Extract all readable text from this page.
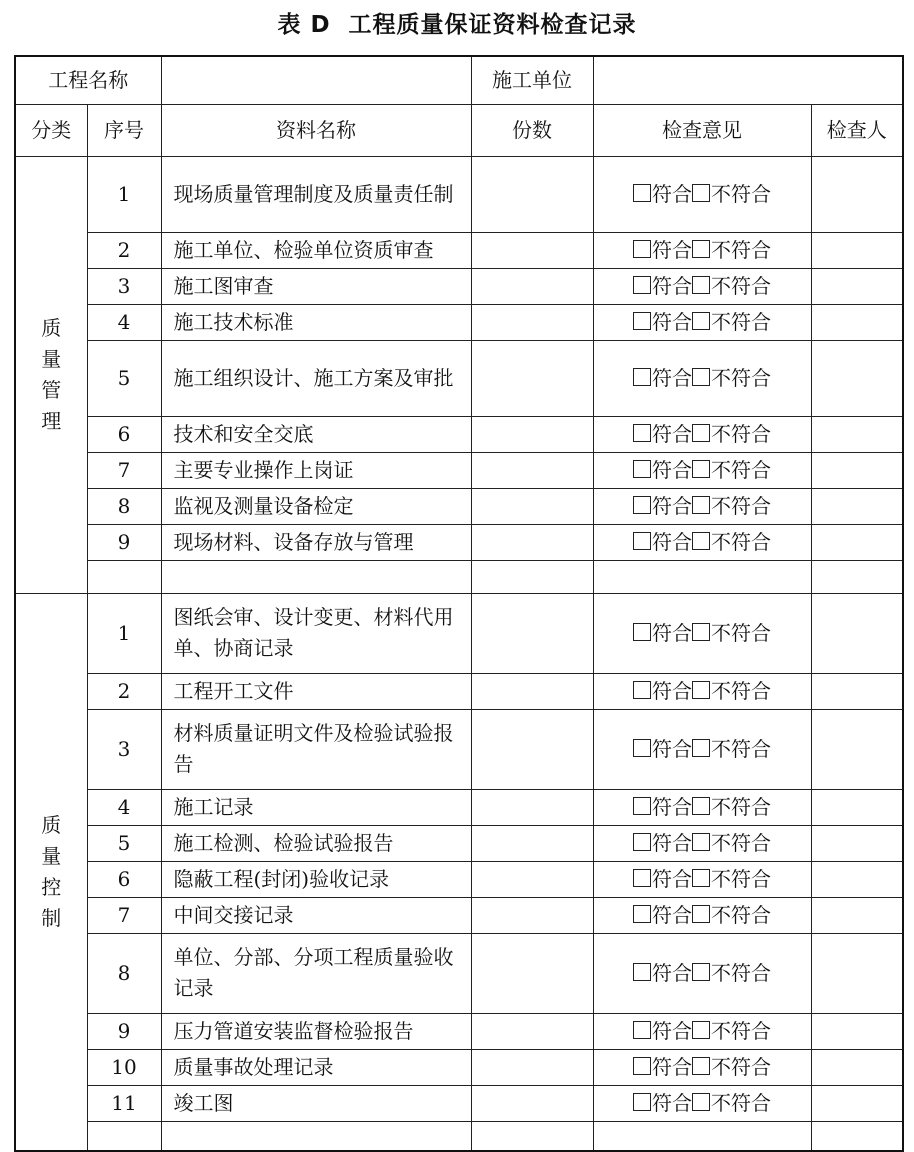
表 D 工程质量保证资料检查记录
工程名称			施工单位		
分类	序号	资料名称	份数	检查意见	检查人

质
量
管
理	1	现场质量管理制度及质量责任制		符合 不符合	
	2	施工单位、检验单位资质审查		符合 不符合	
	3	施工图审查		符合 不符合	
	4	施工技术标准		符合 不符合	
	5	施工组织设计、施工方案及审批		符合 不符合	
	6	技术和安全交底		符合 不符合	
	7	主要专业操作上岗证		符合 不符合	
	8	监视及测量设备检定		符合 不符合	
	9	现场材料、设备存放与管理		符合 不符合	

质
量
控
制	1	图纸会审、设计变更、材料代用单、协商记录		符合 不符合	
	2	工程开工文件		符合 不符合	
	3	材料质量证明文件及检验试验报告		符合 不符合	
	4	施工记录		符合 不符合	
	5	施工检测、检验试验报告		符合 不符合	
	6	隐蔽工程(封闭)验收记录		符合 不符合	
	7	中间交接记录		符合 不符合	
	8	单位、分部、分项工程质量验收记录		符合 不符合	
	9	压力管道安装监督检验报告		符合 不符合	
	10	质量事故处理记录		符合 不符合	
	11	竣工图		符合 不符合	
